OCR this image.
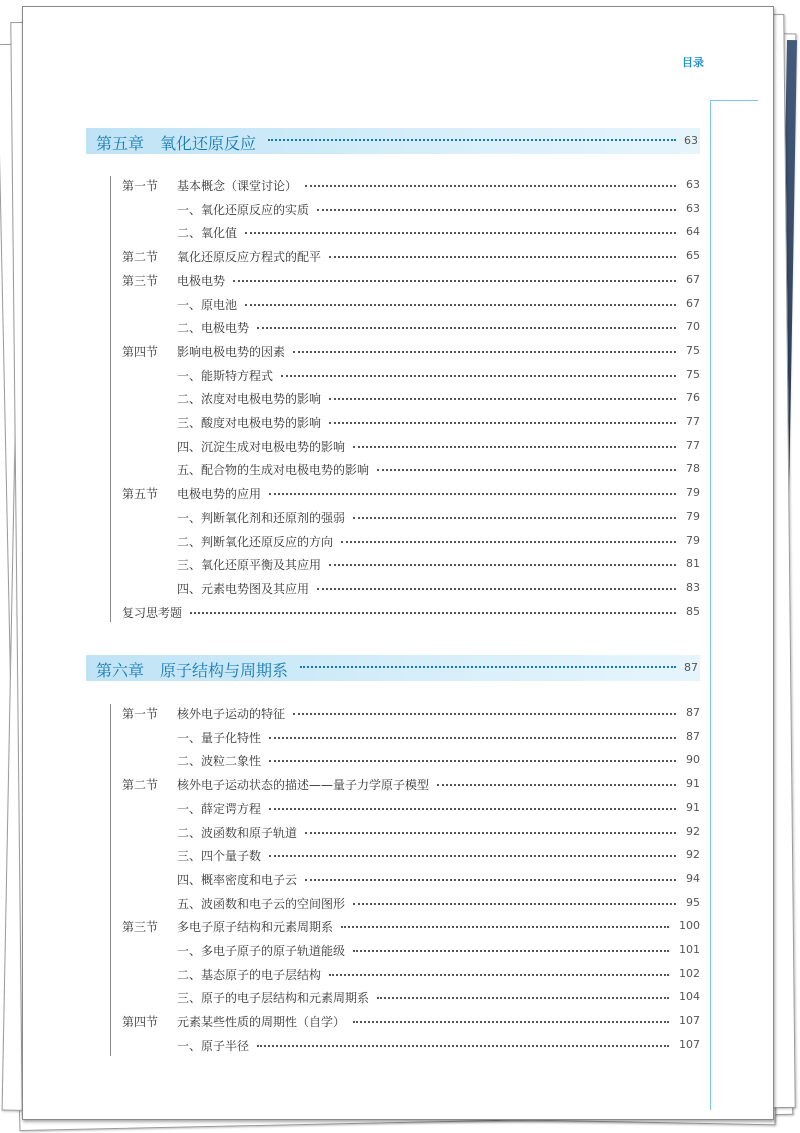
目录
第五章　氧化还原反应	63
第一节 基本概念（课堂讨论）	63
一、氧化还原反应的实质	63
二、氧化值	64
第二节 氧化还原反应方程式的配平	65
第三节 电极电势	67
一、原电池	67
二、电极电势	70
第四节 影响电极电势的因素	75
一、能斯特方程式	75
二、浓度对电极电势的影响	76
三、酸度对电极电势的影响	77
四、沉淀生成对电极电势的影响	77
五、配合物的生成对电极电势的影响	78
第五节 电极电势的应用	79
一、判断氧化剂和还原剂的强弱	79
二、判断氧化还原反应的方向	79
三、氧化还原平衡及其应用	81
四、元素电势图及其应用	83
复习思考题	85
第六章　原子结构与周期系	87
第一节 核外电子运动的特征	87
一、量子化特性	87
二、波粒二象性	90
第二节 核外电子运动状态的描述——量子力学原子模型	91
一、薛定谔方程	91
二、波函数和原子轨道	92
三、四个量子数	92
四、概率密度和电子云	94
五、波函数和电子云的空间图形	95
第三节 多电子原子结构和元素周期系	100
一、多电子原子的原子轨道能级	101
二、基态原子的电子层结构	102
三、原子的电子层结构和元素周期系	104
第四节 元素某些性质的周期性（自学）	107
一、原子半径	107
